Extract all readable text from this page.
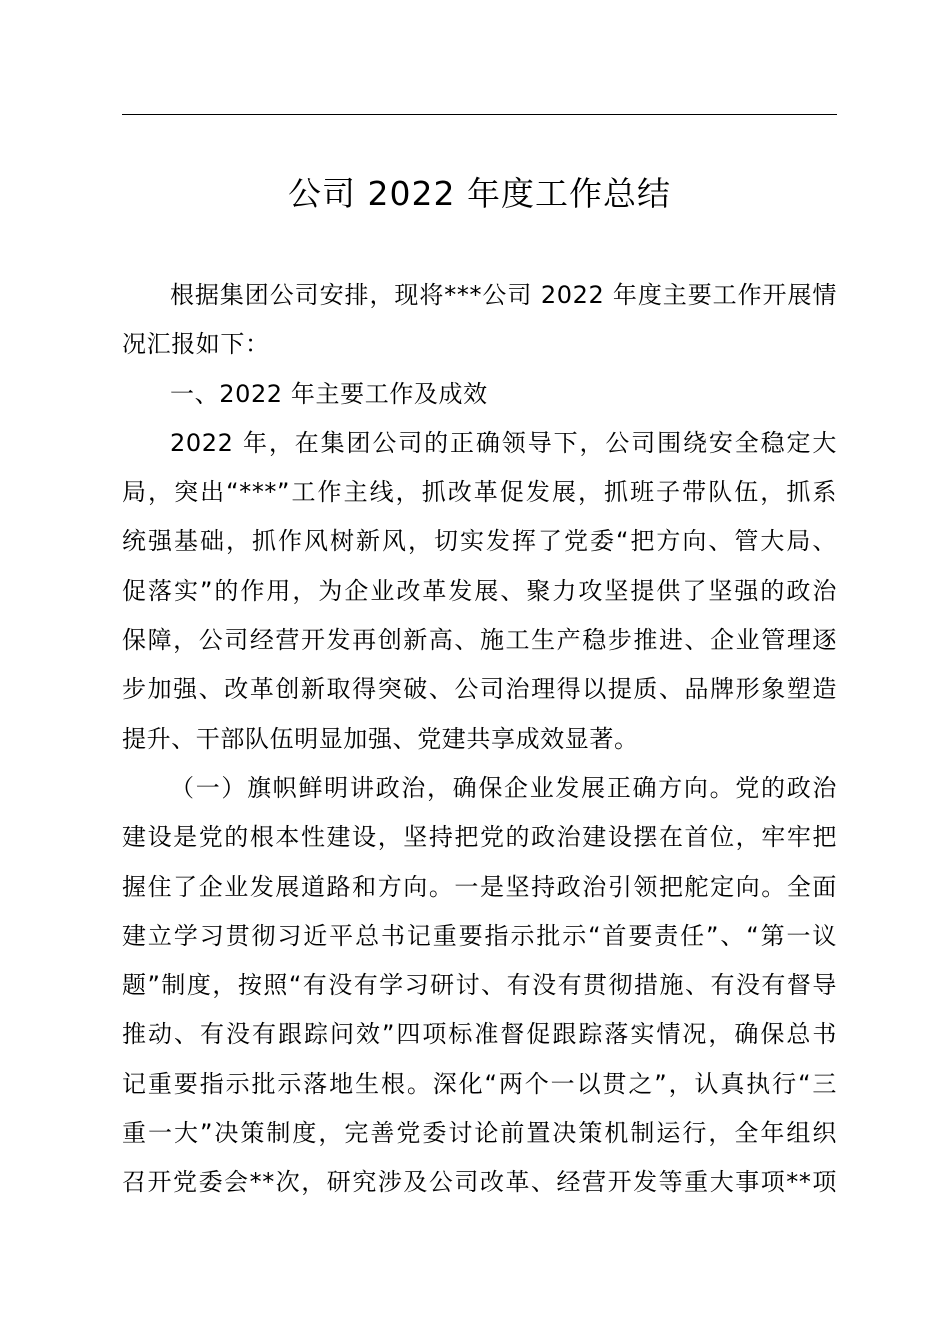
公司 2022 年度工作总结
根据集团公司安排，现将***公司 2022 年度主要工作开展情
况汇报如下：
一、2022 年主要工作及成效
2022 年，在集团公司的正确领导下，公司围绕安全稳定大
局，突出“***”工作主线，抓改革促发展，抓班子带队伍，抓系
统强基础，抓作风树新风，切实发挥了党委“把方向、管大局、
促落实”的作用，为企业改革发展、聚力攻坚提供了坚强的政治
保障，公司经营开发再创新高、施工生产稳步推进、企业管理逐
步加强、改革创新取得突破、公司治理得以提质、品牌形象塑造
提升、干部队伍明显加强、党建共享成效显著。
（一）旗帜鲜明讲政治，确保企业发展正确方向。党的政治
建设是党的根本性建设，坚持把党的政治建设摆在首位，牢牢把
握住了企业发展道路和方向。一是坚持政治引领把舵定向。全面
建立学习贯彻习近平总书记重要指示批示“首要责任”、“第一议
题”制度，按照“有没有学习研讨、有没有贯彻措施、有没有督导
推动、有没有跟踪问效”四项标准督促跟踪落实情况，确保总书
记重要指示批示落地生根。深化“两个一以贯之”，认真执行“三
重一大”决策制度，完善党委讨论前置决策机制运行，全年组织
召开党委会**次，研究涉及公司改革、经营开发等重大事项**项
